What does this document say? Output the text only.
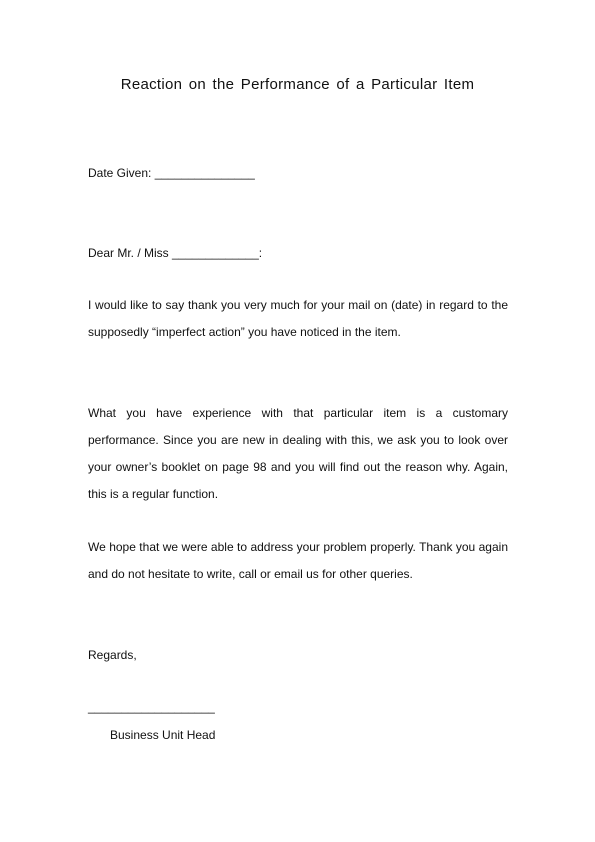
Reaction on the Performance of a Particular Item

Date Given: _______________

Dear Mr. / Miss _____________:

I would like to say thank you very much for your mail on (date) in regard to the supposedly “imperfect action” you have noticed in the item.

What you have experience with that particular item is a customary performance. Since you are new in dealing with this, we ask you to look over your owner’s booklet on page 98 and you will find out the reason why. Again, this is a regular function.

We hope that we were able to address your problem properly. Thank you again and do not hesitate to write, call or email us for other queries.

Regards,

___________________

Business Unit Head
